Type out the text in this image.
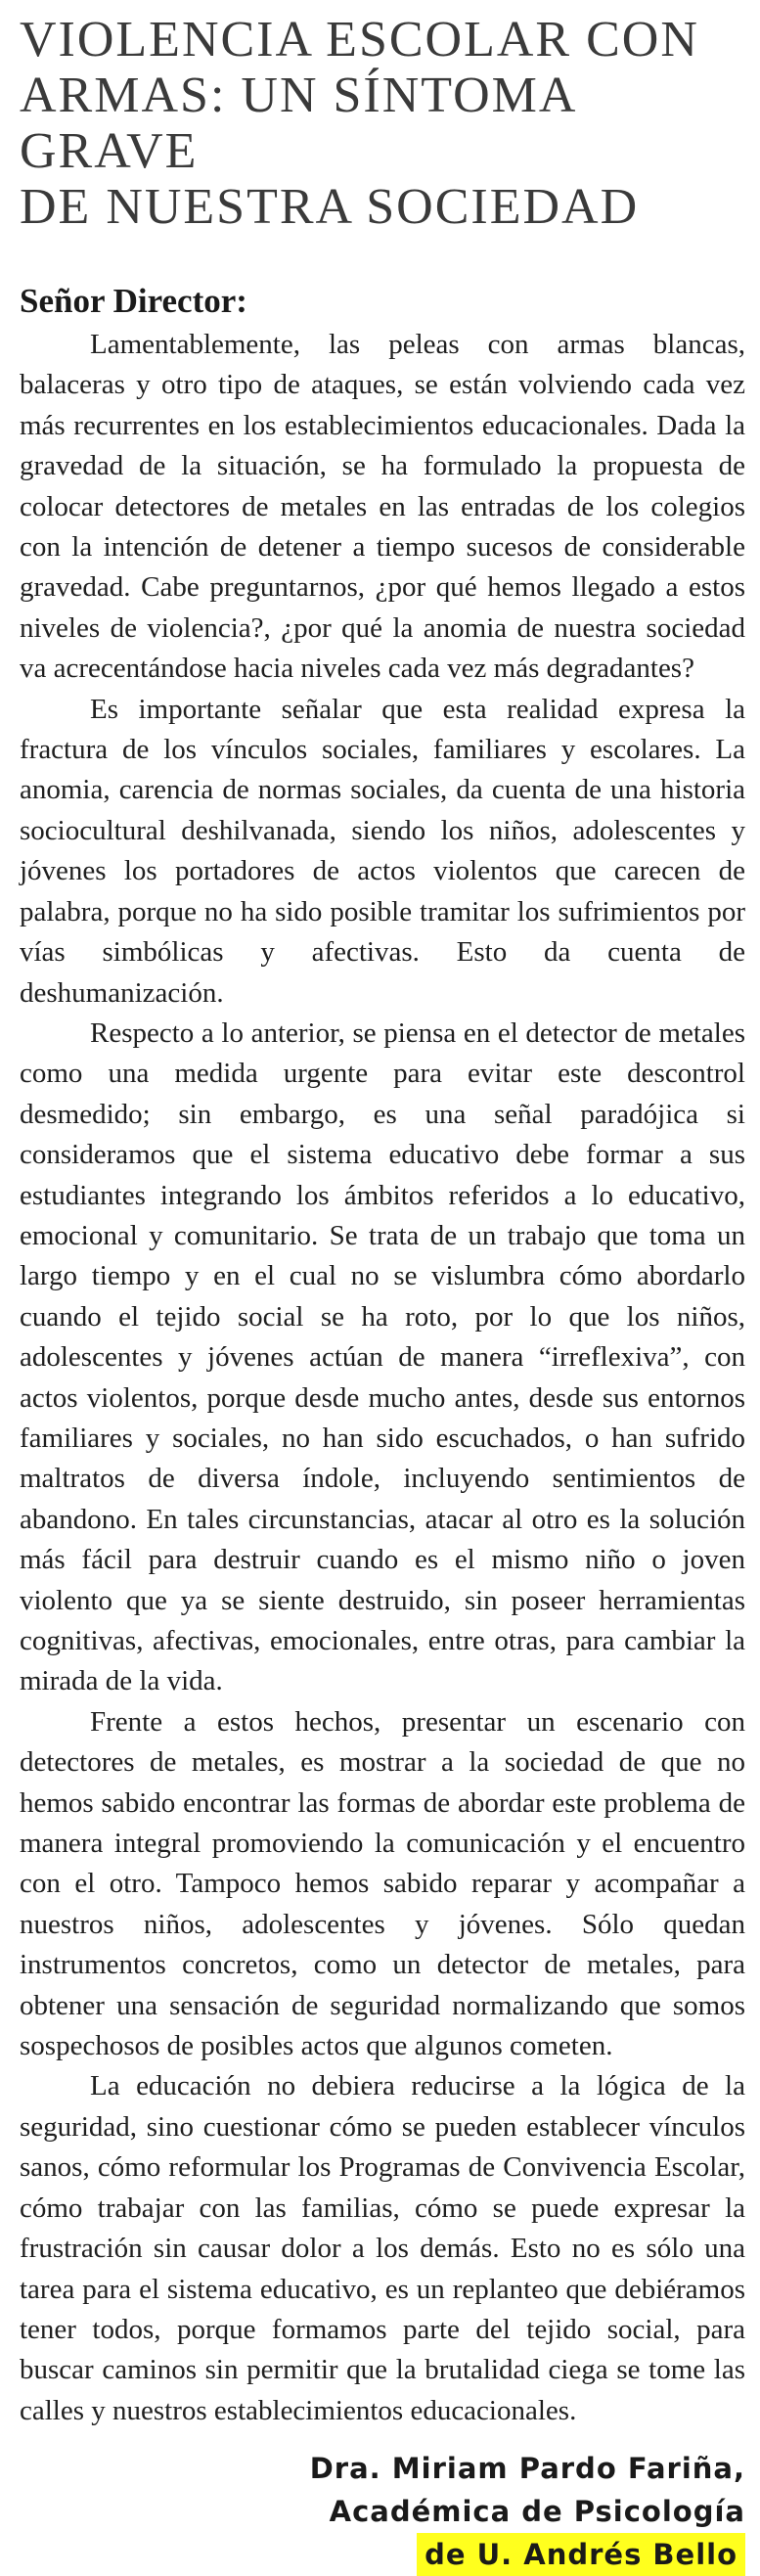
VIOLENCIA ESCOLAR CON
ARMAS: UN SÍNTOMA GRAVE
DE NUESTRA SOCIEDAD
Señor Director:

Lamentablemente, las peleas con armas blancas, balaceras y otro tipo de ataques, se están volviendo cada vez más recurrentes en los establecimientos educacionales. Dada la gravedad de la situación, se ha formulado la propuesta de colocar detectores de metales en las entradas de los colegios con la intención de detener a tiempo sucesos de considerable gravedad. Cabe preguntarnos, ¿por qué hemos llegado a estos niveles de violencia?, ¿por qué la anomia de nuestra sociedad va acrecentándose hacia niveles cada vez más degradantes?

Es importante señalar que esta realidad expresa la fractura de los vínculos sociales, familiares y escolares. La anomia, carencia de normas sociales, da cuenta de una historia sociocultural deshilvanada, siendo los niños, adolescentes y jóvenes los portadores de actos violentos que carecen de palabra, porque no ha sido posible tramitar los sufrimientos por vías simbólicas y afectivas. Esto da cuenta de deshumanización.

Respecto a lo anterior, se piensa en el detector de metales como una medida urgente para evitar este descontrol desmedido; sin embargo, es una señal paradójica si consideramos que el sistema educativo debe formar a sus estudiantes integrando los ámbitos referidos a lo educativo, emocional y comunitario. Se trata de un trabajo que toma un largo tiempo y en el cual no se vislumbra cómo abordarlo cuando el tejido social se ha roto, por lo que los niños, adolescentes y jóvenes actúan de manera “irreflexiva”, con actos violentos, porque desde mucho antes, desde sus entornos familiares y sociales, no han sido escuchados, o han sufrido maltratos de diversa índole, incluyendo sentimientos de abandono. En tales circunstancias, atacar al otro es la solución más fácil para destruir cuando es el mismo niño o joven violento que ya se siente destruido, sin poseer herramientas cognitivas, afectivas, emocionales, entre otras, para cambiar la mirada de la vida.

Frente a estos hechos, presentar un escenario con detectores de metales, es mostrar a la sociedad de que no hemos sabido encontrar las formas de abordar este problema de manera integral promoviendo la comunicación y el encuentro con el otro. Tampoco hemos sabido reparar y acompañar a nuestros niños, adolescentes y jóvenes. Sólo quedan instrumentos concretos, como un detector de metales, para obtener una sensación de seguridad normalizando que somos sospechosos de posibles actos que algunos cometen.

La educación no debiera reducirse a la lógica de la seguridad, sino cuestionar cómo se pueden establecer vínculos sanos, cómo reformular los Programas de Convivencia Escolar, cómo trabajar con las familias, cómo se puede expresar la frustración sin causar dolor a los demás. Esto no es sólo una tarea para el sistema educativo, es un replanteo que debiéramos tener todos, porque formamos parte del tejido social, para buscar caminos sin permitir que la brutalidad ciega se tome las calles y nuestros establecimientos educacionales.

Dra. Miriam Pardo Fariña,
Académica de Psicología
de U. Andrés Bello
